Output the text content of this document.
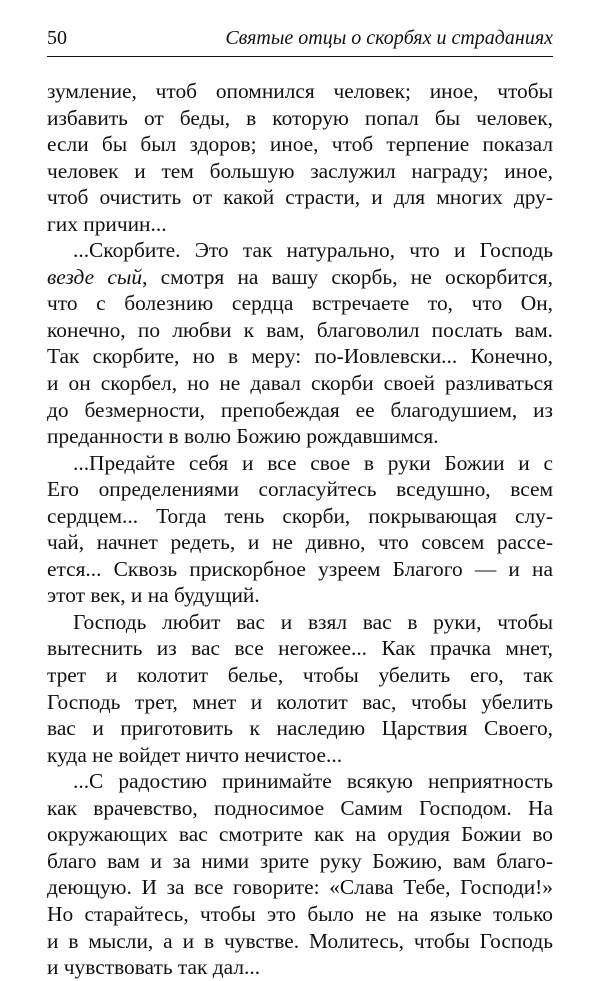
50	Святые отцы о скорбях и страданиях
зумление, чтоб опомнился человек; иное, чтобы
избавить от беды, в которую попал бы человек,
если бы был здоров; иное, чтоб терпение показал
человек и тем большую заслужил награду; иное,
чтоб очистить от какой страсти, и для многих дру-
гих причин...
...Скорбите. Это так натурально, что и Господь
везде сый, смотря на вашу скорбь, не оскорбится,
что с болезнию сердца встречаете то, что Он,
конечно, по любви к вам, благоволил послать вам.
Так скорбите, но в меру: по-Иовлевски... Конечно,
и он скорбел, но не давал скорби своей разливаться
до безмерности, препобеждая ее благодушием, из
преданности в волю Божию рождавшимся.
...Предайте себя и все свое в руки Божии и с
Его определениями согласуйтесь вседушно, всем
сердцем... Тогда тень скорби, покрывающая слу-
чай, начнет редеть, и не дивно, что совсем рассе-
ется... Сквозь прискорбное узреем Благого — и на
этот век, и на будущий.
Господь любит вас и взял вас в руки, чтобы
вытеснить из вас все негожее... Как прачка мнет,
трет и колотит белье, чтобы убелить его, так
Господь трет, мнет и колотит вас, чтобы убелить
вас и приготовить к наследию Царствия Своего,
куда не войдет ничто нечистое...
...С радостию принимайте всякую неприятность
как врачевство, подносимое Самим Господом. На
окружающих вас смотрите как на орудия Божии во
благо вам и за ними зрите руку Божию, вам благо-
деющую. И за все говорите: «Слава Тебе, Господи!»
Но старайтесь, чтобы это было не на языке только
и в мысли, а и в чувстве. Молитесь, чтобы Господь
и чувствовать так дал...
